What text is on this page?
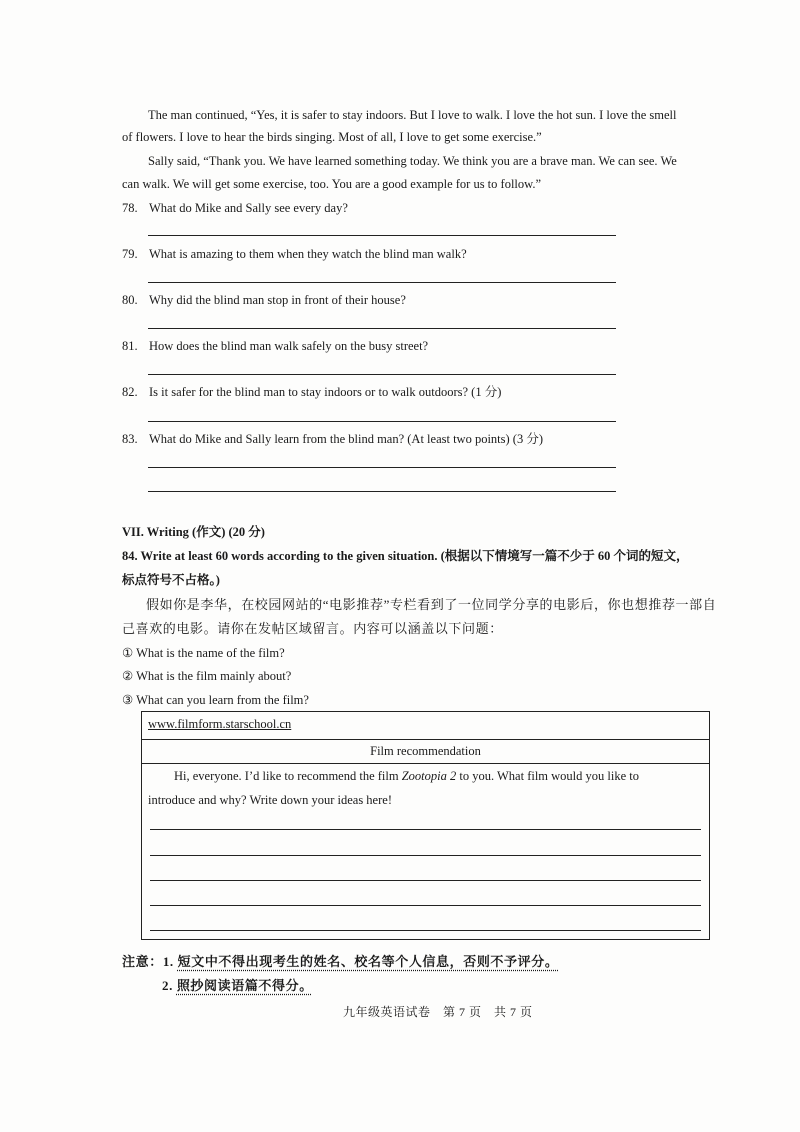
The man continued, “Yes, it is safer to stay indoors. But I love to walk. I love the hot sun. I love the smell
of flowers. I love to hear the birds singing. Most of all, I love to get some exercise.”
Sally said, “Thank you. We have learned something today. We think you are a brave man. We can see. We
can walk. We will get some exercise, too. You are a good example for us to follow.”
78. What do Mike and Sally see every day?
79. What is amazing to them when they watch the blind man walk?
80. Why did the blind man stop in front of their house?
81. How does the blind man walk safely on the busy street?
82. Is it safer for the blind man to stay indoors or to walk outdoors? (1 分)
83. What do Mike and Sally learn from the blind man? (At least two points) (3 分)
VII. Writing (作文) (20 分)
84. Write at least 60 words according to the given situation. (根据以下情境写一篇不少于 60 个词的短文，
标点符号不占格。)
假如你是李华，在校园网站的“电影推荐”专栏看到了一位同学分享的电影后，你也想推荐一部自
己喜欢的电影。请你在发帖区域留言。内容可以涵盖以下问题：
① What is the name of the film?
② What is the film mainly about?
③ What can you learn from the film?
www.filmform.starschool.cn
Film recommendation
Hi, everyone. I’d like to recommend the film Zootopia 2 to you. What film would you like to
introduce and why? Write down your ideas here!
注意：1. 短文中不得出现考生的姓名、校名等个人信息，否则不予评分。
2. 照抄阅读语篇不得分。
九年级英语试卷　第 7 页　共 7 页
